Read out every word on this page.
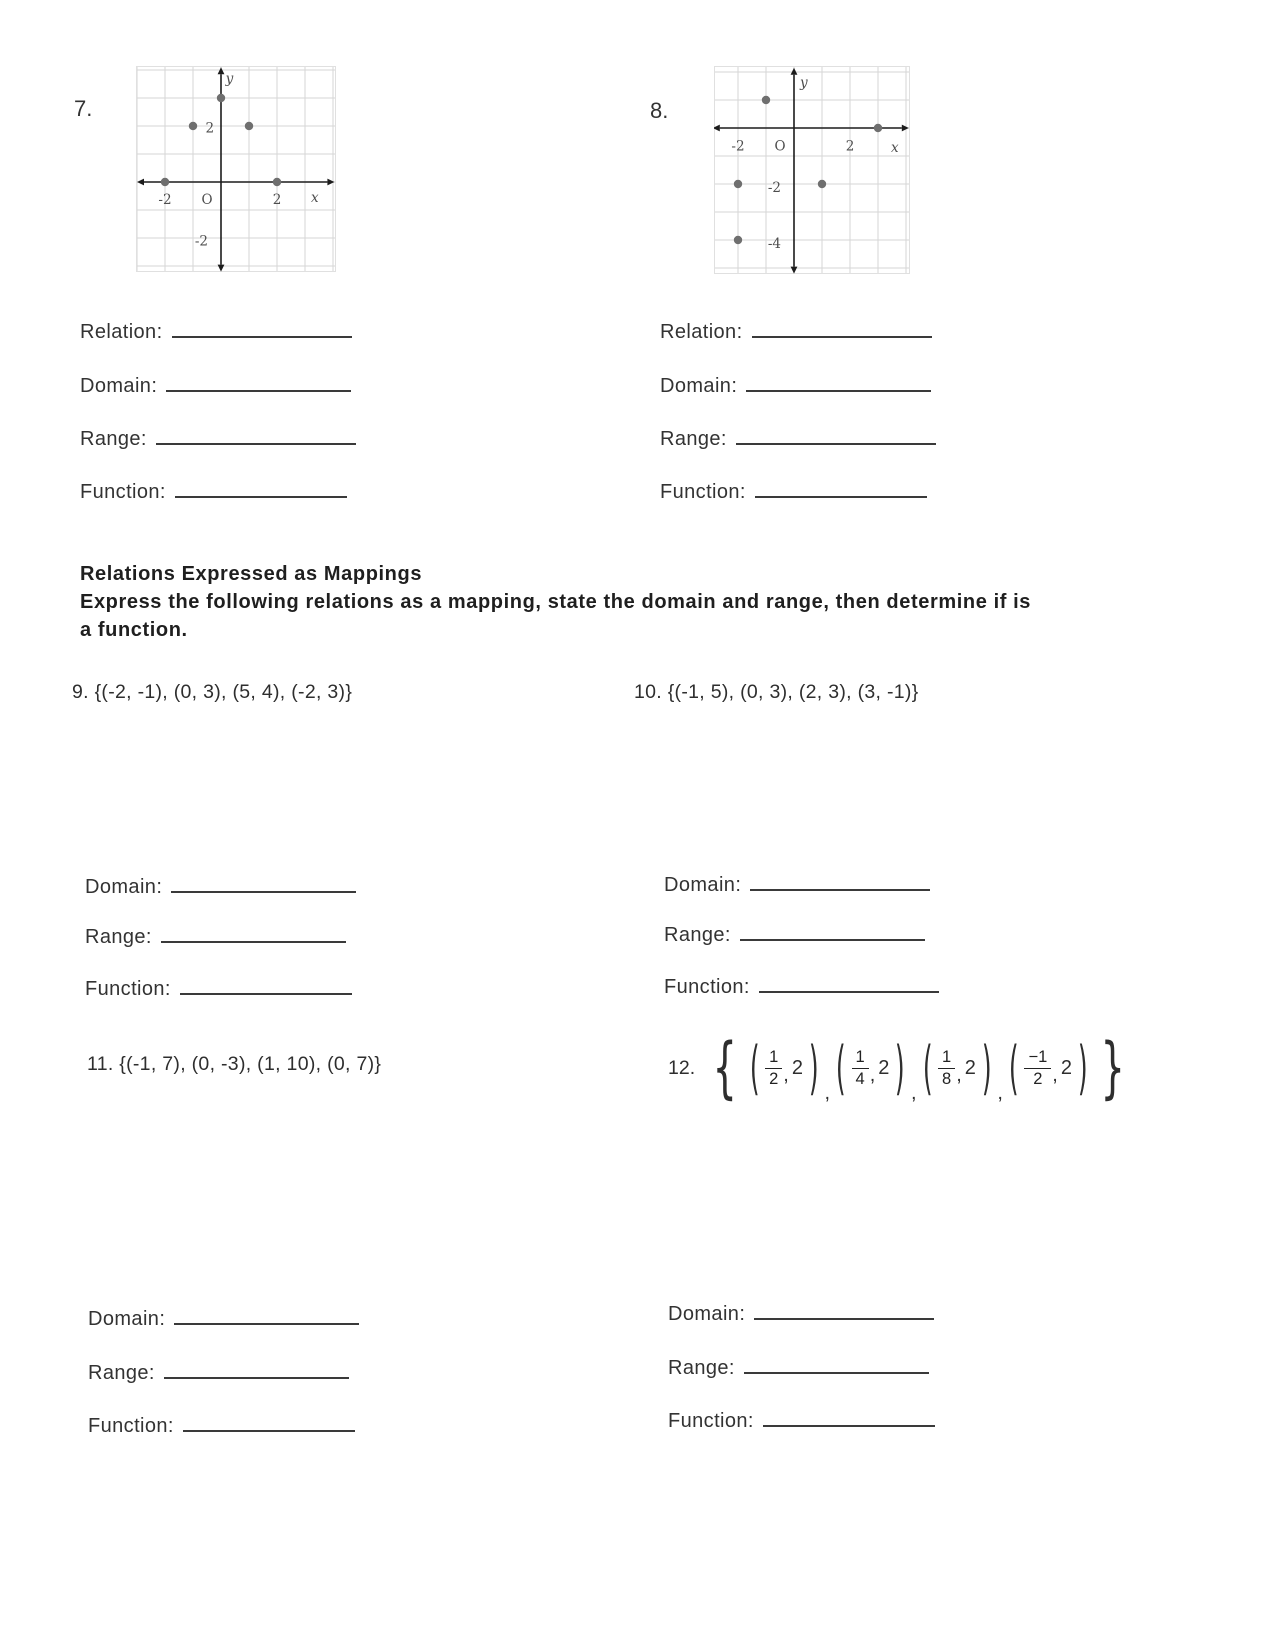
7.
-2 O	2 x
2
-2
y
8.
-2 O	2	x
y
-2
-4
Relation:
Domain:
Range:
Function:
Relation:
Domain:
Range:
Function:
Relations Expressed as Mappings
Express the following relations as a mapping, state the domain and range, then determine if is
a function.
9. {(-2, -1), (0, 3), (5, 4), (-2, 3)}	10. {(-1, 5), (0, 3), (2, 3), (3, -1)}
Domain:
Range:
Function:
Domain:
Range:
Function:
11. {(-1, 7), (0, -3), (1, 10), (0, 7)}	12. { ( $\frac{1}{2}$ , 2 ) , ( $\frac{1}{4}$ , 2 ) , ( $\frac{1}{8}$ , 2 ) , ( $\frac{-1}{2}$ , 2 ) }
Domain:
Range:
Function:
Domain:
Range:
Function:
